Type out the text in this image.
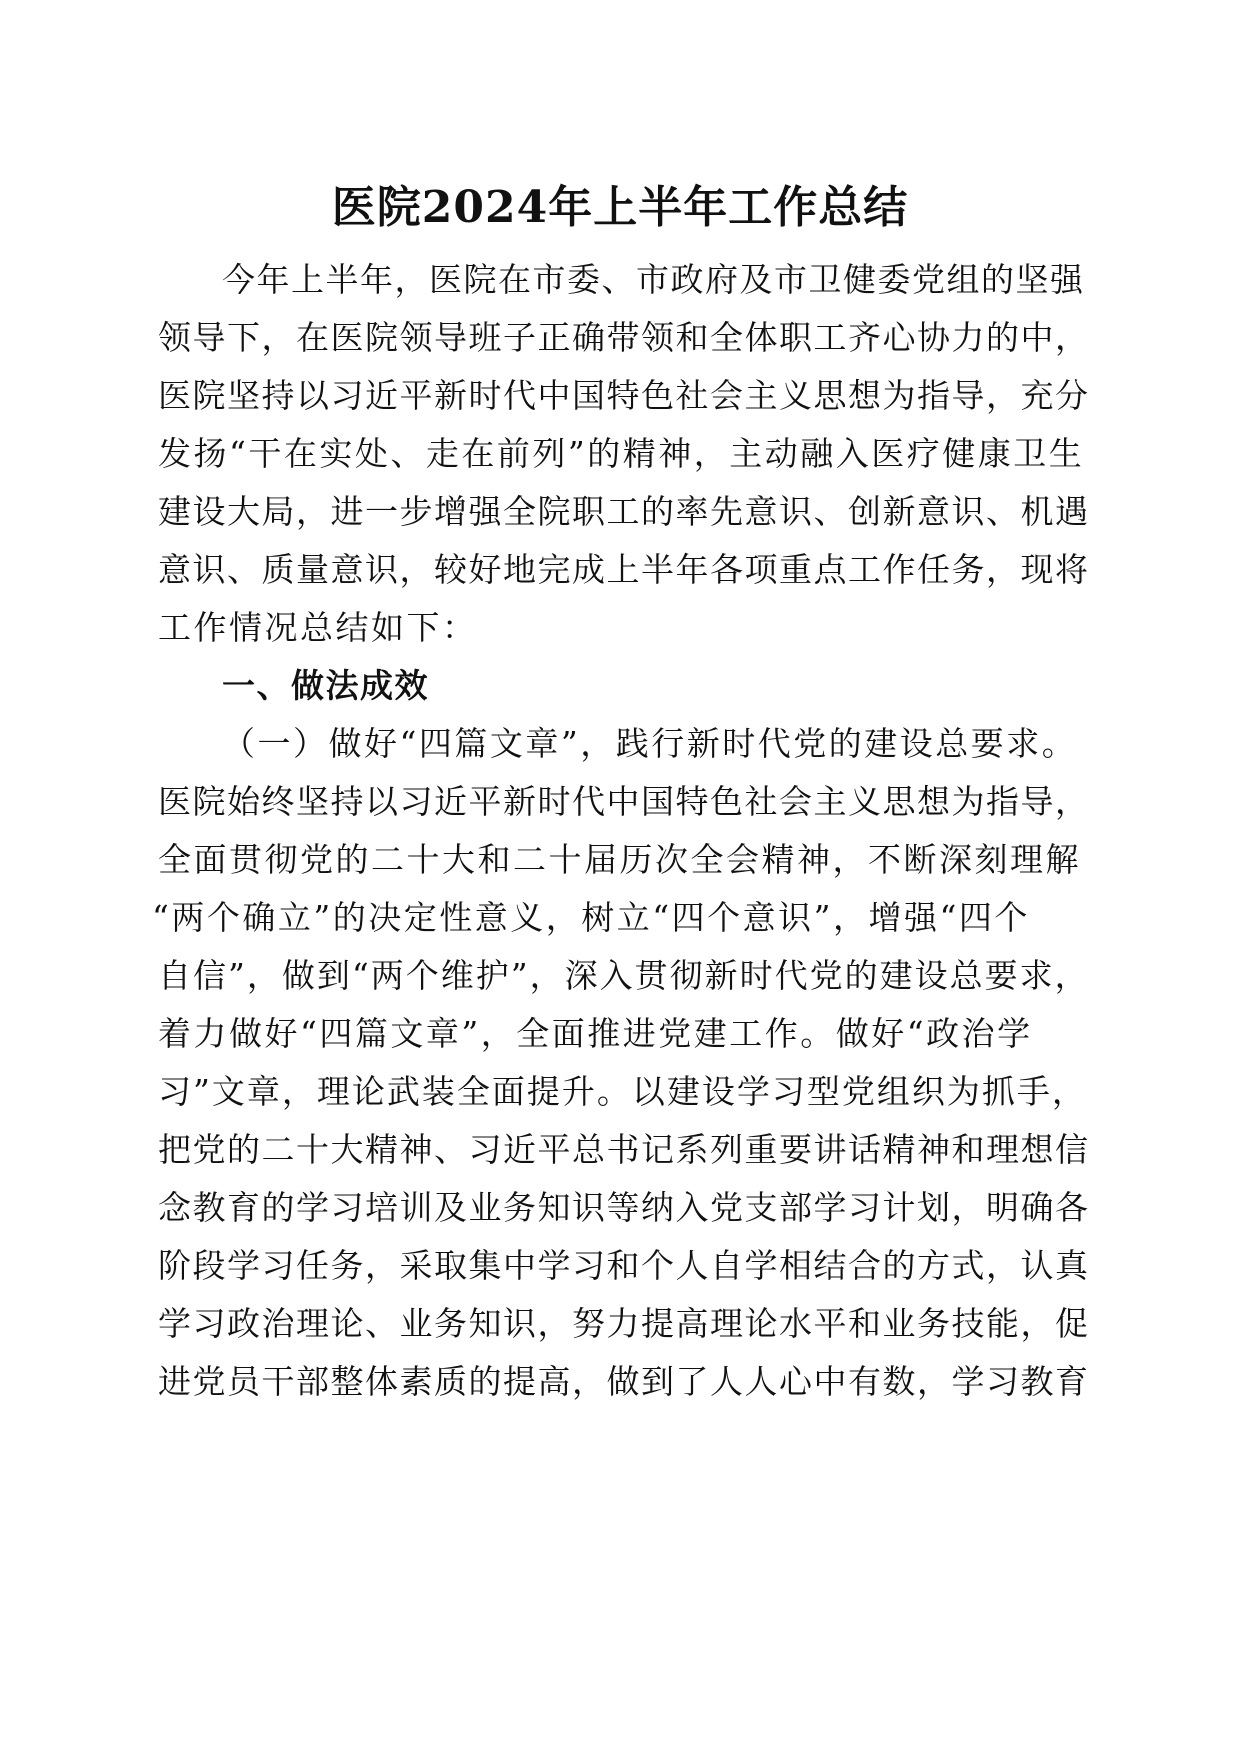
医院2024年上半年工作总结
今年上半年，医院在市委、市政府及市卫健委党组的坚强
领导下，在医院领导班子正确带领和全体职工齐心协力的中，
医院坚持以习近平新时代中国特色社会主义思想为指导，充分
发扬“干在实处、走在前列”的精神，主动融入医疗健康卫生
建设大局，进一步增强全院职工的率先意识、创新意识、机遇
意识、质量意识，较好地完成上半年各项重点工作任务，现将
工作情况总结如下：
一、做法成效
（一）做好“四篇文章”，践行新时代党的建设总要求。
医院始终坚持以习近平新时代中国特色社会主义思想为指导，
全面贯彻党的二十大和二十届历次全会精神，不断深刻理解
“两个确立”的决定性意义，树立“四个意识”，增强“四个
自信”，做到“两个维护”，深入贯彻新时代党的建设总要求，
着力做好“四篇文章”，全面推进党建工作。做好“政治学
习”文章，理论武装全面提升。以建设学习型党组织为抓手，
把党的二十大精神、习近平总书记系列重要讲话精神和理想信
念教育的学习培训及业务知识等纳入党支部学习计划，明确各
阶段学习任务，采取集中学习和个人自学相结合的方式，认真
学习政治理论、业务知识，努力提高理论水平和业务技能，促
进党员干部整体素质的提高，做到了人人心中有数，学习教育
